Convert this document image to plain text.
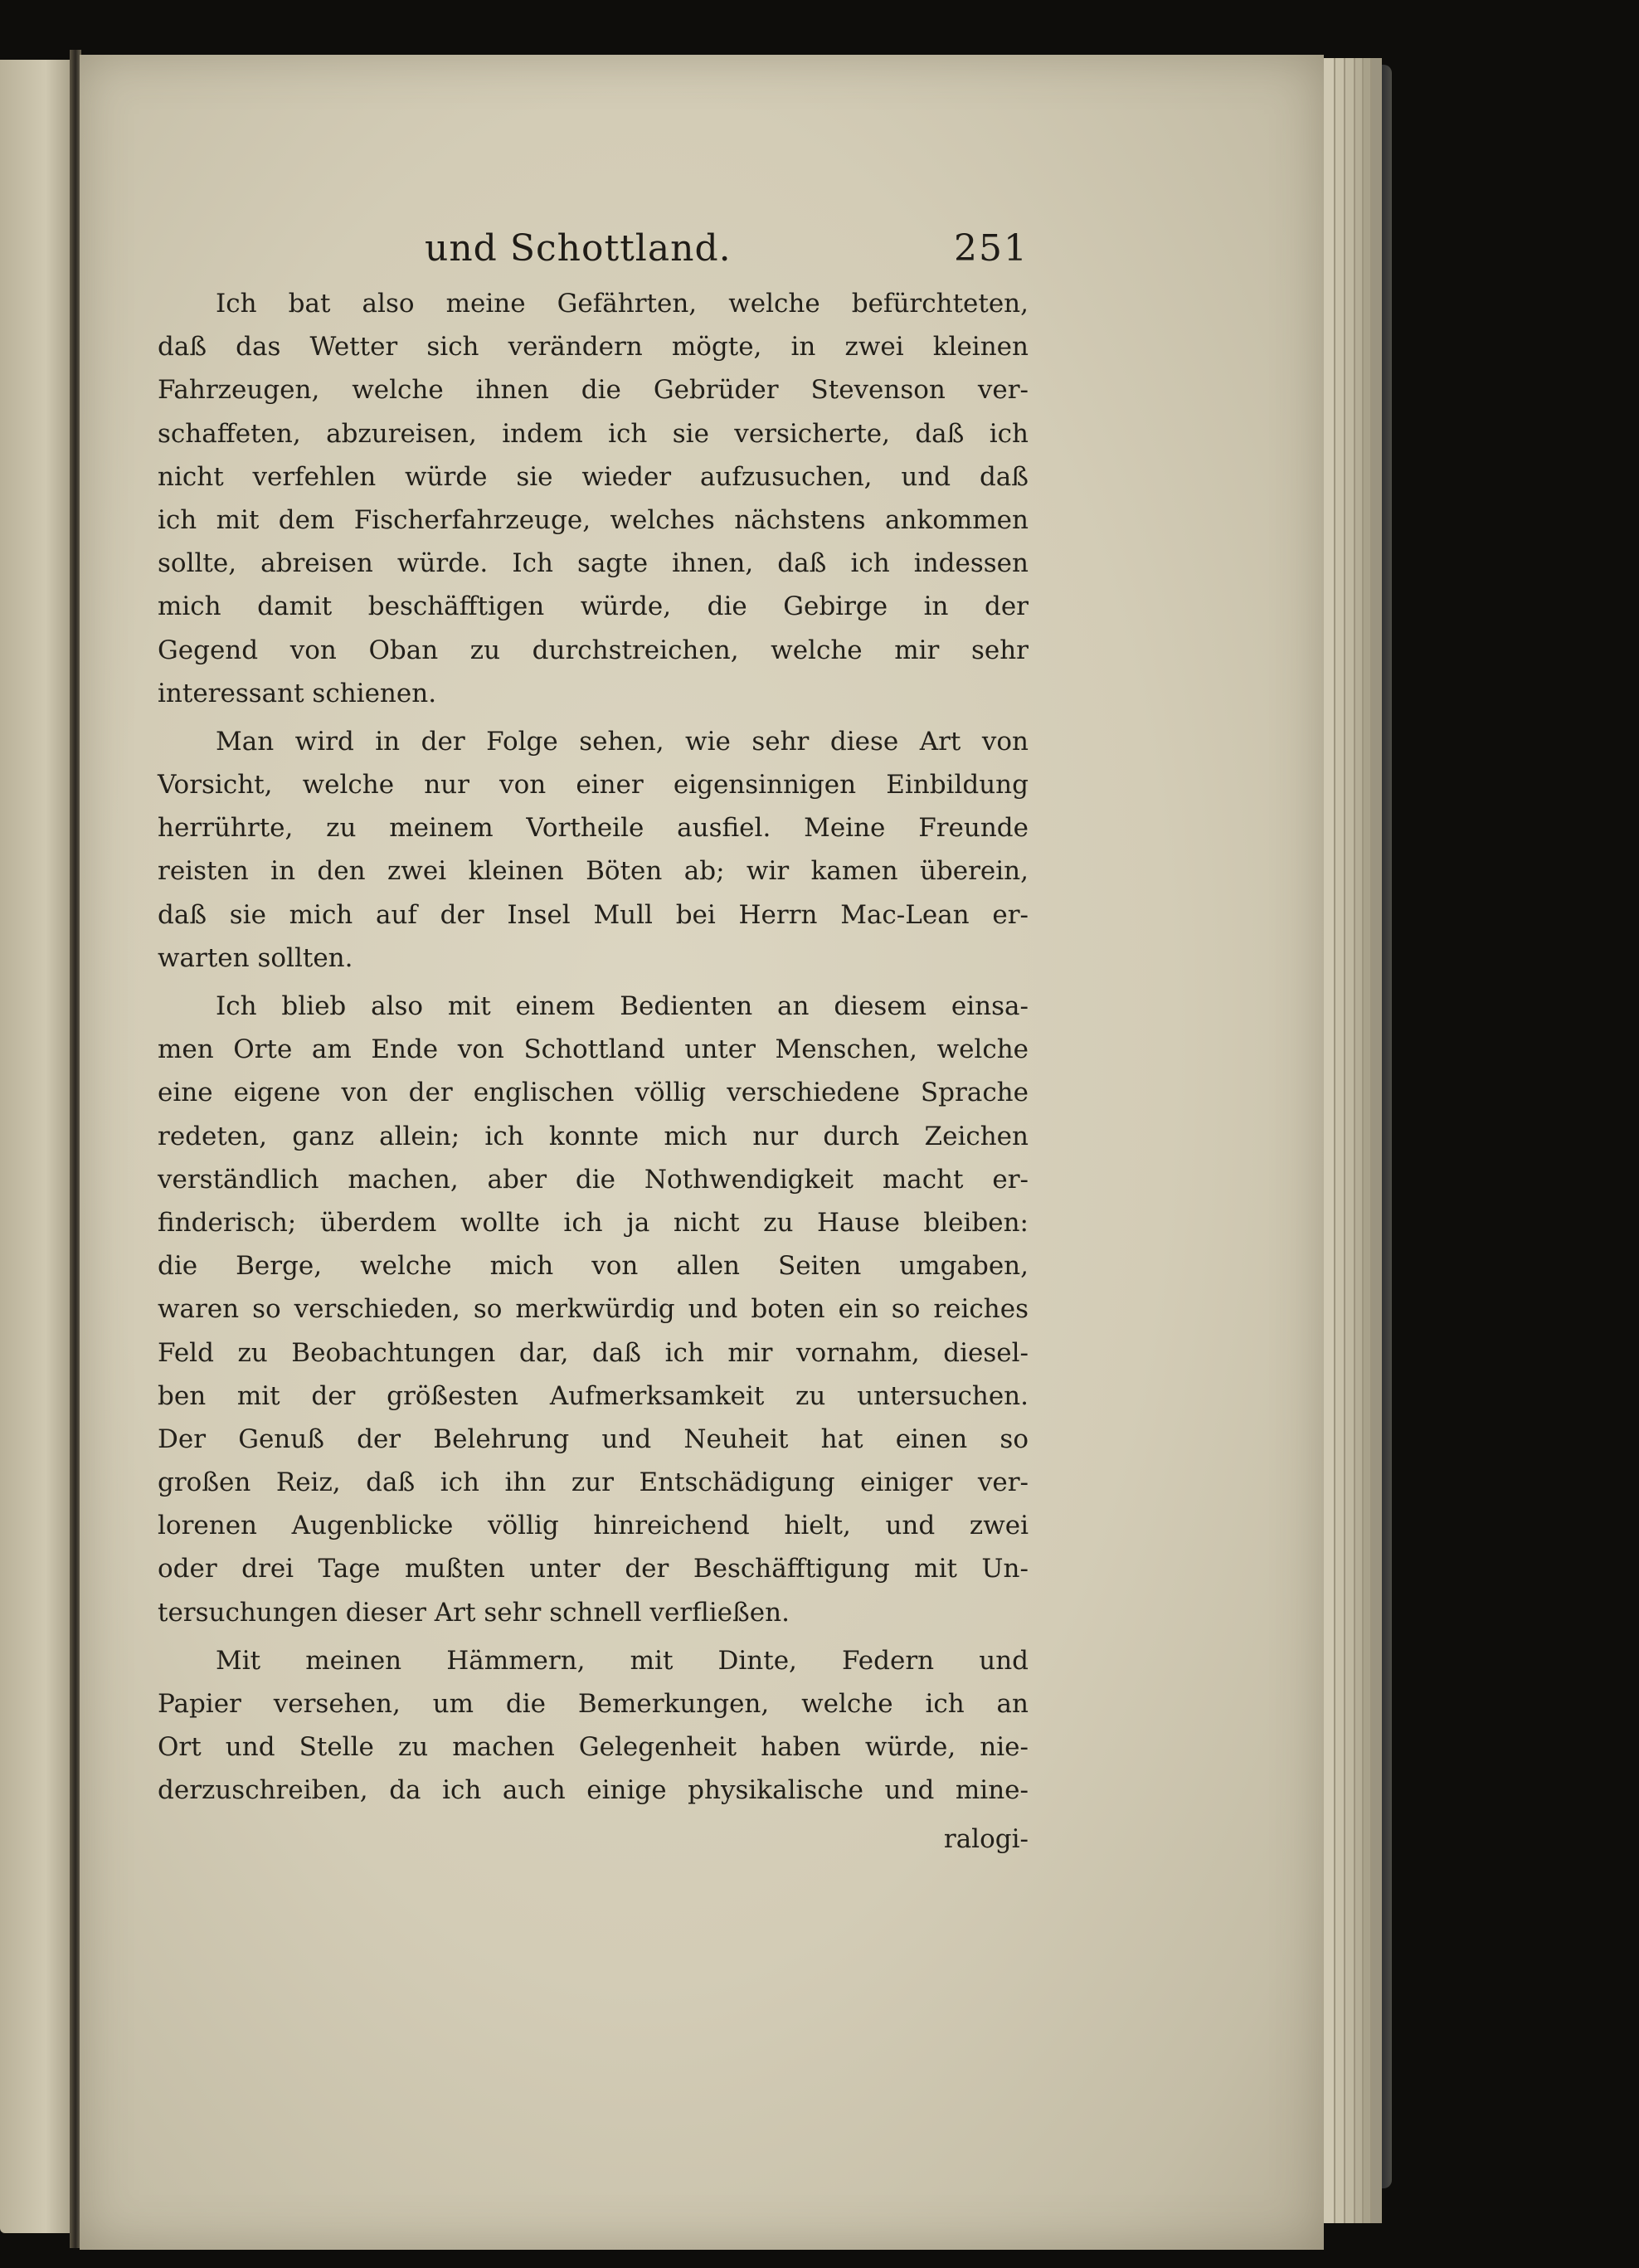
und Schottland.	251
Ich bat also meine Gefährten, welche befürchteten,
daß das Wetter sich verändern mögte, in zwei kleinen
Fahrzeugen, welche ihnen die Gebrüder Stevenson ver-
schaffeten, abzureisen, indem ich sie versicherte, daß ich
nicht verfehlen würde sie wieder aufzusuchen, und daß
ich mit dem Fischerfahrzeuge, welches nächstens ankommen
sollte, abreisen würde. Ich sagte ihnen, daß ich indessen
mich damit beschäfftigen würde, die Gebirge in der
Gegend von Oban zu durchstreichen, welche mir sehr
interessant schienen.
Man wird in der Folge sehen, wie sehr diese Art von
Vorsicht, welche nur von einer eigensinnigen Einbildung
herrührte, zu meinem Vortheile ausfiel. Meine Freunde
reisten in den zwei kleinen Böten ab; wir kamen überein,
daß sie mich auf der Insel Mull bei Herrn Mac-Lean er-
warten sollten.
Ich blieb also mit einem Bedienten an diesem einsa-
men Orte am Ende von Schottland unter Menschen, welche
eine eigene von der englischen völlig verschiedene Sprache
redeten, ganz allein; ich konnte mich nur durch Zeichen
verständlich machen, aber die Nothwendigkeit macht er-
finderisch; überdem wollte ich ja nicht zu Hause bleiben:
die Berge, welche mich von allen Seiten umgaben,
waren so verschieden, so merkwürdig und boten ein so reiches
Feld zu Beobachtungen dar, daß ich mir vornahm, diesel-
ben mit der größesten Aufmerksamkeit zu untersuchen.
Der Genuß der Belehrung und Neuheit hat einen so
großen Reiz, daß ich ihn zur Entschädigung einiger ver-
lorenen Augenblicke völlig hinreichend hielt, und zwei
oder drei Tage mußten unter der Beschäfftigung mit Un-
tersuchungen dieser Art sehr schnell verfließen.
Mit meinen Hämmern, mit Dinte, Federn und
Papier versehen, um die Bemerkungen, welche ich an
Ort und Stelle zu machen Gelegenheit haben würde, nie-
derzuschreiben, da ich auch einige physikalische und mine-
ralogi-
